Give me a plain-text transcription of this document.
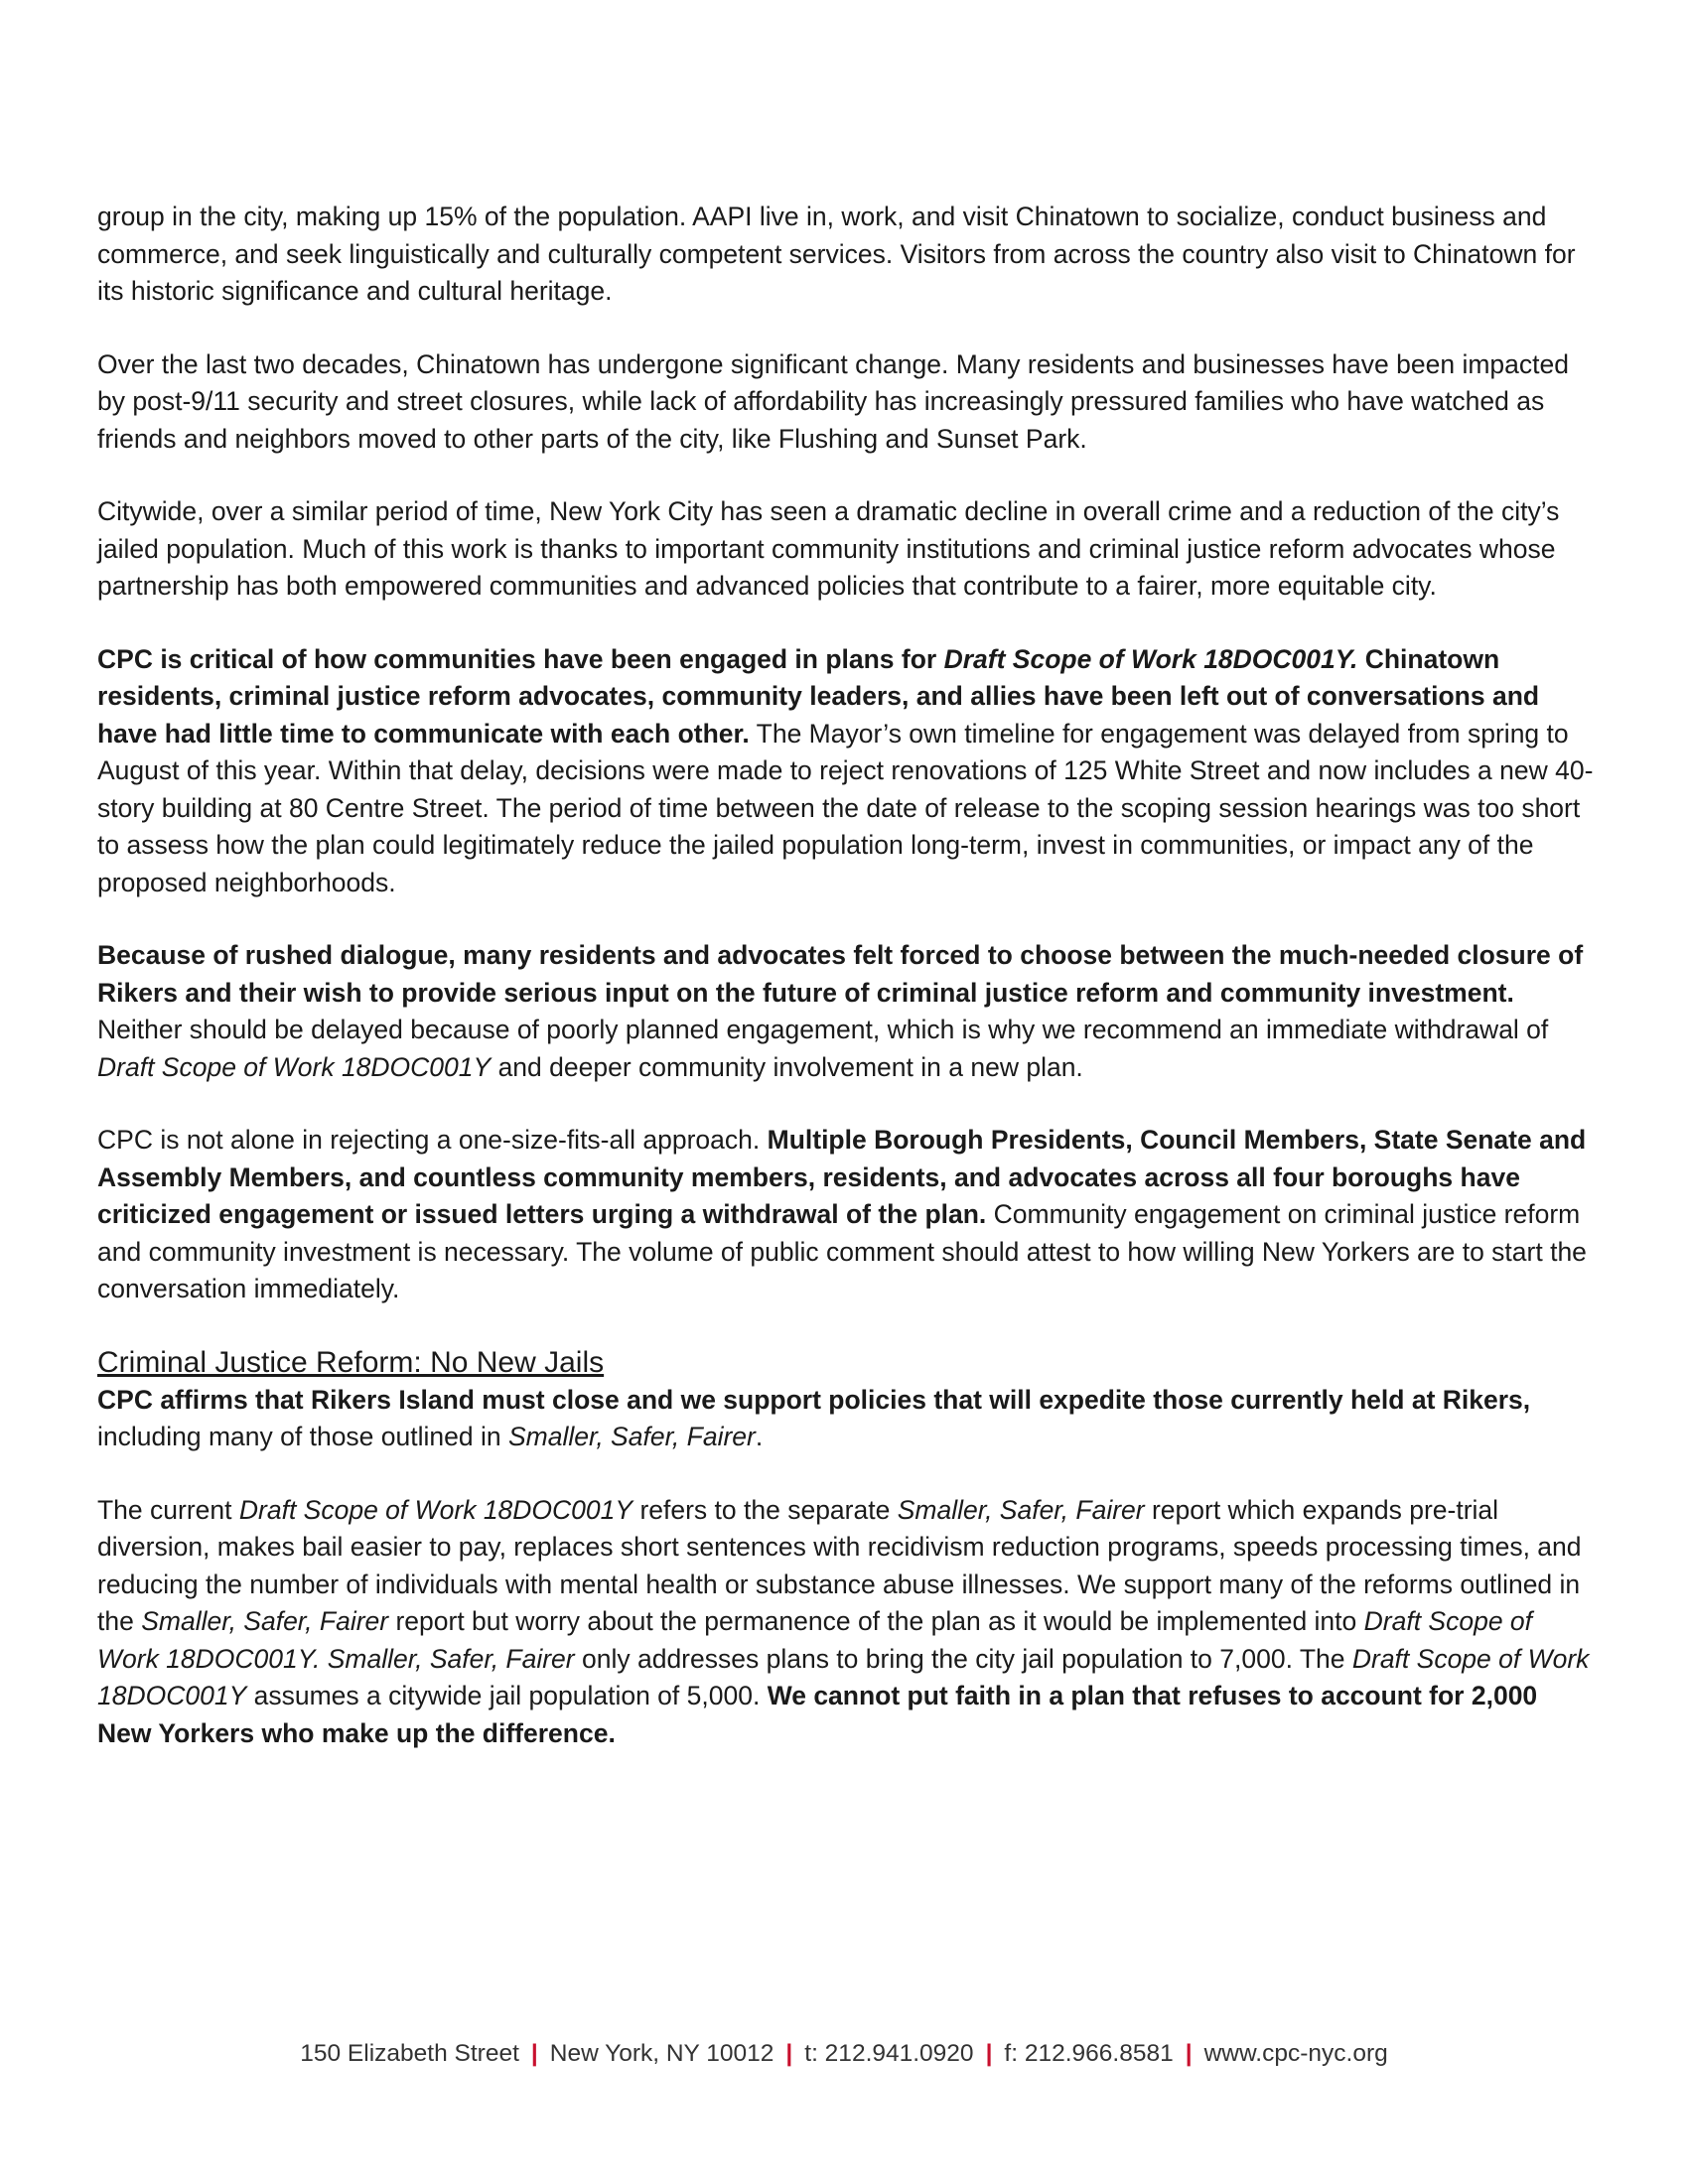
group in the city, making up 15% of the population. AAPI live in, work, and visit Chinatown to socialize, conduct business and commerce, and seek linguistically and culturally competent services. Visitors from across the country also visit to Chinatown for its historic significance and cultural heritage.

Over the last two decades, Chinatown has undergone significant change. Many residents and businesses have been impacted by post-9/11 security and street closures, while lack of affordability has increasingly pressured families who have watched as friends and neighbors moved to other parts of the city, like Flushing and Sunset Park.

Citywide, over a similar period of time, New York City has seen a dramatic decline in overall crime and a reduction of the city’s jailed population. Much of this work is thanks to important community institutions and criminal justice reform advocates whose partnership has both empowered communities and advanced policies that contribute to a fairer, more equitable city.

CPC is critical of how communities have been engaged in plans for Draft Scope of Work 18DOC001Y. Chinatown residents, criminal justice reform advocates, community leaders, and allies have been left out of conversations and have had little time to communicate with each other. The Mayor’s own timeline for engagement was delayed from spring to August of this year. Within that delay, decisions were made to reject renovations of 125 White Street and now includes a new 40-story building at 80 Centre Street. The period of time between the date of release to the scoping session hearings was too short to assess how the plan could legitimately reduce the jailed population long-term, invest in communities, or impact any of the proposed neighborhoods.

Because of rushed dialogue, many residents and advocates felt forced to choose between the much-needed closure of Rikers and their wish to provide serious input on the future of criminal justice reform and community investment. Neither should be delayed because of poorly planned engagement, which is why we recommend an immediate withdrawal of Draft Scope of Work 18DOC001Y and deeper community involvement in a new plan.

CPC is not alone in rejecting a one-size-fits-all approach. Multiple Borough Presidents, Council Members, State Senate and Assembly Members, and countless community members, residents, and advocates across all four boroughs have criticized engagement or issued letters urging a withdrawal of the plan. Community engagement on criminal justice reform and community investment is necessary. The volume of public comment should attest to how willing New Yorkers are to start the conversation immediately.

Criminal Justice Reform: No New Jails

CPC affirms that Rikers Island must close and we support policies that will expedite those currently held at Rikers, including many of those outlined in Smaller, Safer, Fairer.

The current Draft Scope of Work 18DOC001Y refers to the separate Smaller, Safer, Fairer report which expands pre-trial diversion, makes bail easier to pay, replaces short sentences with recidivism reduction programs, speeds processing times, and reducing the number of individuals with mental health or substance abuse illnesses. We support many of the reforms outlined in the Smaller, Safer, Fairer report but worry about the permanence of the plan as it would be implemented into Draft Scope of Work 18DOC001Y. Smaller, Safer, Fairer only addresses plans to bring the city jail population to 7,000. The Draft Scope of Work 18DOC001Y assumes a citywide jail population of 5,000. We cannot put faith in a plan that refuses to account for 2,000 New Yorkers who make up the difference.

150 Elizabeth Street | New York, NY 10012 | t: 212.941.0920 | f: 212.966.8581 | www.cpc-nyc.org
